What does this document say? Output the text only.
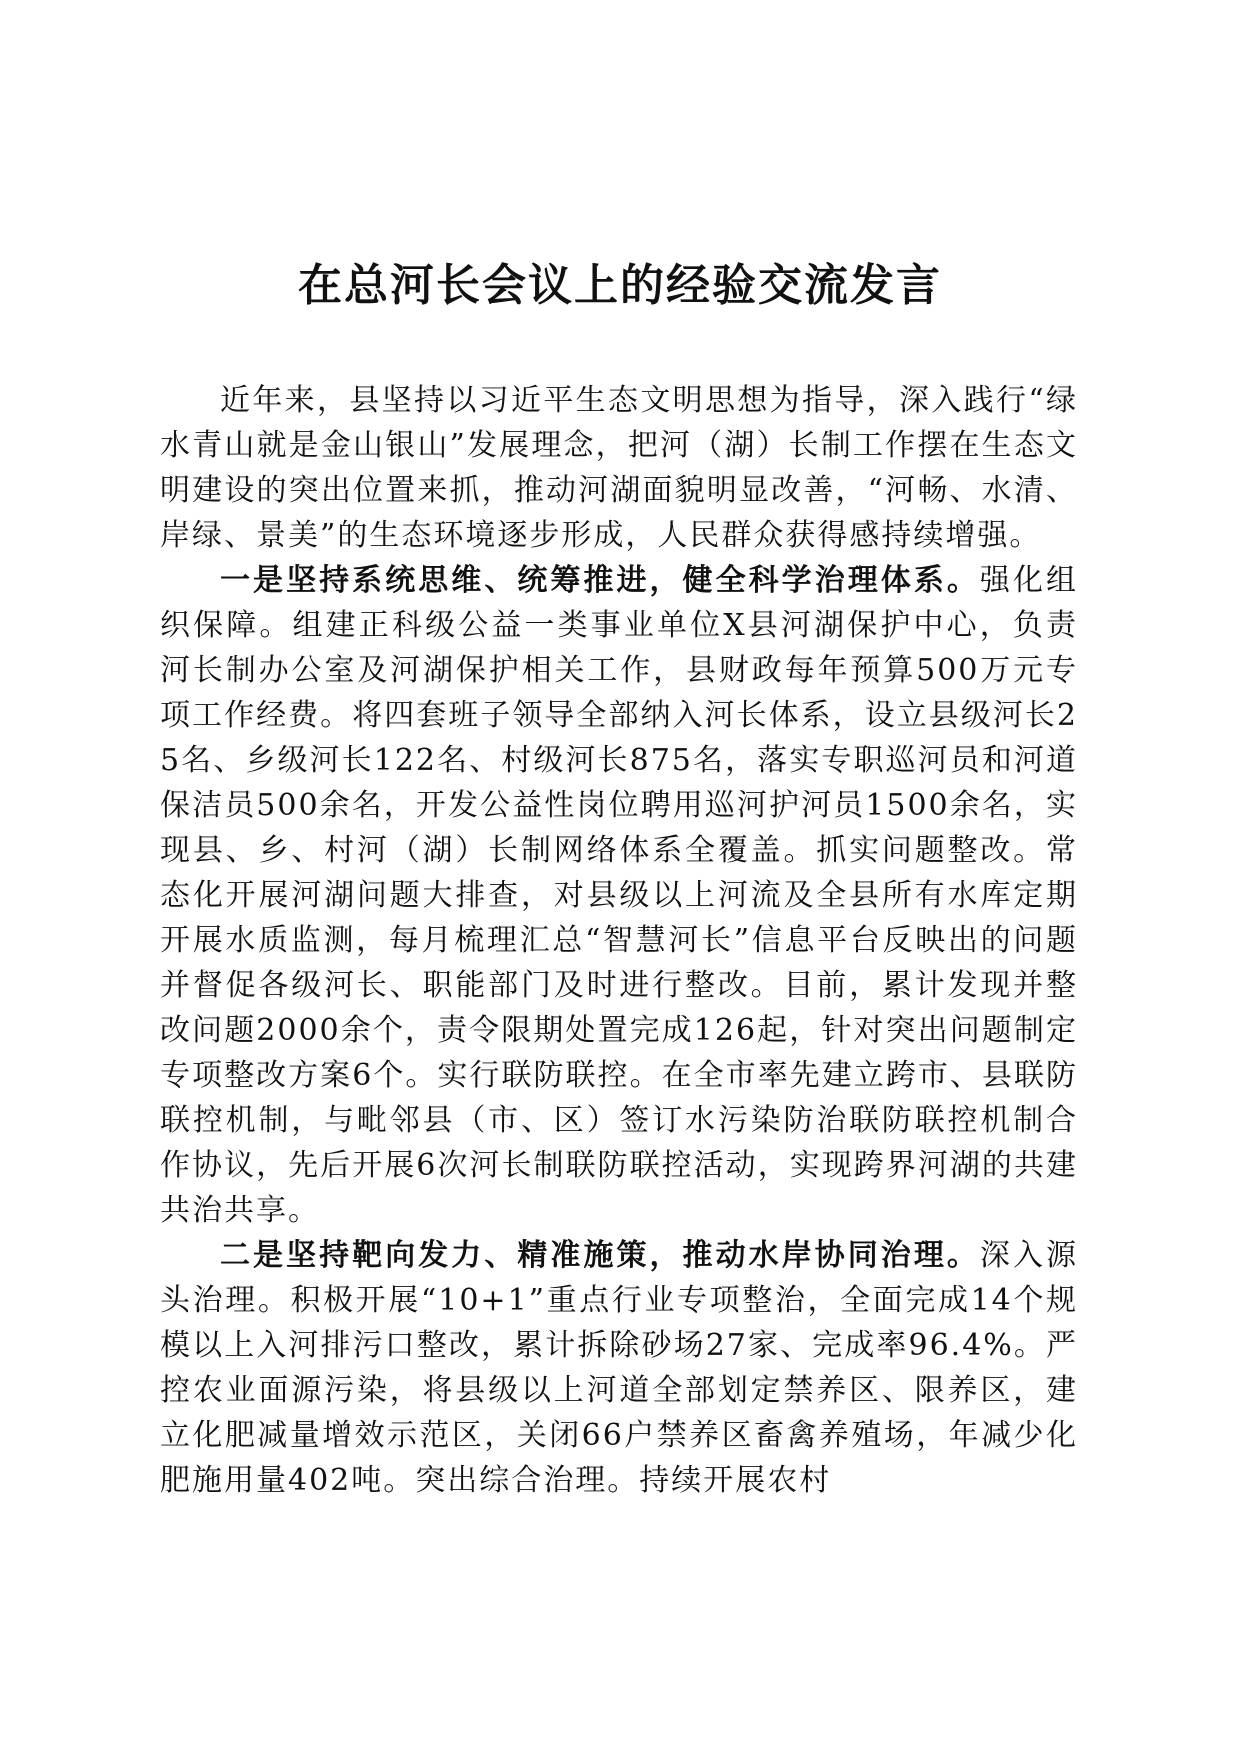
在总河长会议上的经验交流发言

近年来，县坚持以习近平生态文明思想为指导，深入践行“绿水青山就是金山银山”发展理念，把河（湖）长制工作摆在生态文明建设的突出位置来抓，推动河湖面貌明显改善，“河畅、水清、岸绿、景美”的生态环境逐步形成，人民群众获得感持续增强。

一是坚持系统思维、统筹推进，健全科学治理体系。强化组织保障。组建正科级公益一类事业单位X县河湖保护中心，负责河长制办公室及河湖保护相关工作，县财政每年预算500万元专项工作经费。将四套班子领导全部纳入河长体系，设立县级河长25名、乡级河长122名、村级河长875名，落实专职巡河员和河道保洁员500余名，开发公益性岗位聘用巡河护河员1500余名，实现县、乡、村河（湖）长制网络体系全覆盖。抓实问题整改。常态化开展河湖问题大排查，对县级以上河流及全县所有水库定期开展水质监测，每月梳理汇总“智慧河长”信息平台反映出的问题并督促各级河长、职能部门及时进行整改。目前，累计发现并整改问题2000余个，责令限期处置完成126起，针对突出问题制定专项整改方案6个。实行联防联控。在全市率先建立跨市、县联防联控机制，与毗邻县（市、区）签订水污染防治联防联控机制合作协议，先后开展6次河长制联防联控活动，实现跨界河湖的共建共治共享。

二是坚持靶向发力、精准施策，推动水岸协同治理。深入源头治理。积极开展“10+1”重点行业专项整治，全面完成14个规模以上入河排污口整改，累计拆除砂场27家、完成率96.4%。严控农业面源污染，将县级以上河道全部划定禁养区、限养区，建立化肥减量增效示范区，关闭66户禁养区畜禽养殖场，年减少化肥施用量402吨。突出综合治理。持续开展农村
